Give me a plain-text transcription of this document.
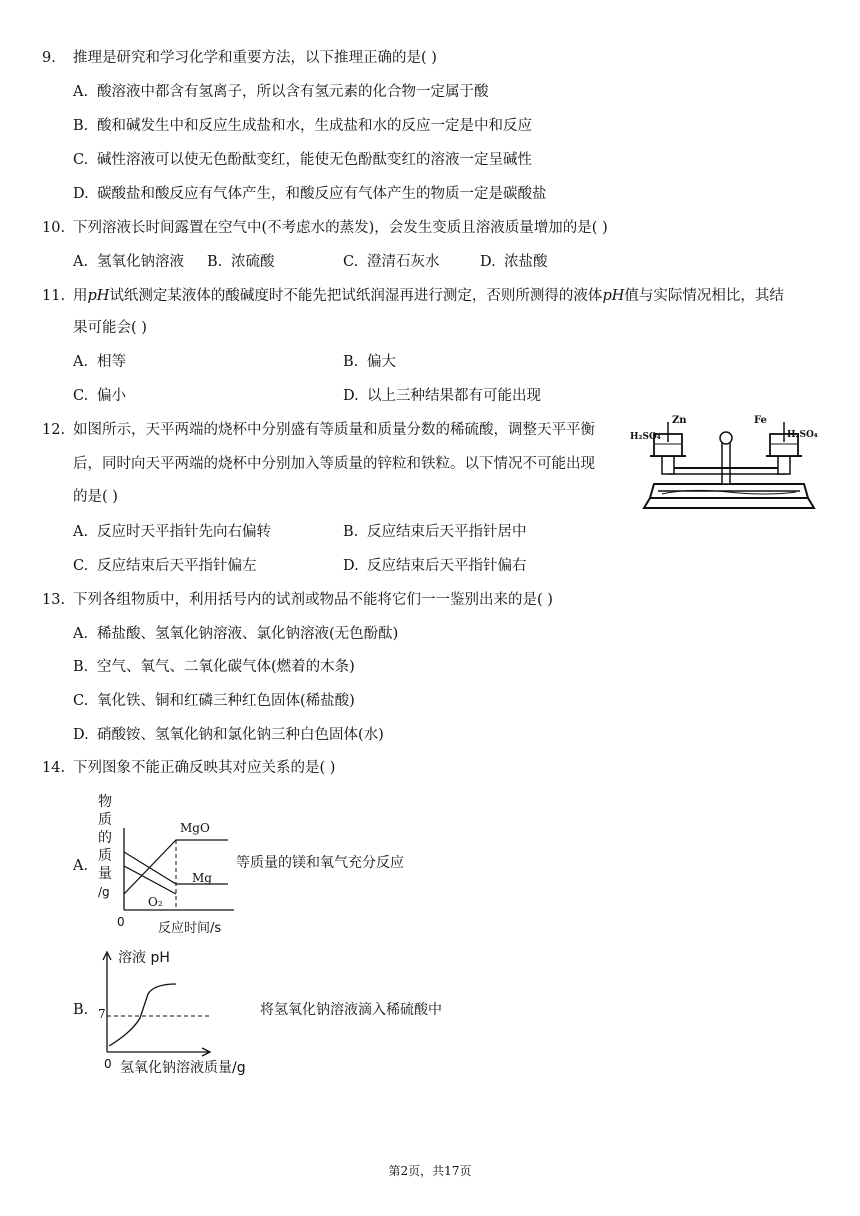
9. 推理是研究和学习化学和重要方法，以下推理正确的是( )
A. 酸溶液中都含有氢离子，所以含有氢元素的化合物一定属于酸
B. 酸和碱发生中和反应生成盐和水，生成盐和水的反应一定是中和反应
C. 碱性溶液可以使无色酚酞变红，能使无色酚酞变红的溶液一定呈碱性
D. 碳酸盐和酸反应有气体产生，和酸反应有气体产生的物质一定是碳酸盐
10. 下列溶液长时间露置在空气中(不考虑水的蒸发)，会发生变质且溶液质量增加的是( )
A. 氢氧化钠溶液 B. 浓硫酸	C. 澄清石灰水	D. 浓盐酸
11. 用pH试纸测定某液体的酸碱度时不能先把试纸润湿再进行测定，否则所测得的液体pH值与实际情况相比，其结
果可能会( )
A. 相等	B. 偏大
C. 偏小	D. 以上三种结果都有可能出现
12. 如图所示，天平两端的烧杯中分别盛有等质量和质量分数的稀硫酸，调整天平平衡
后，同时向天平两端的烧杯中分别加入等质量的锌粒和铁粒。以下情况不可能出现
的是( )
H₂SO₄
Zn	Fe
H₂SO₄
A. 反应时天平指针先向右偏转	B. 反应结束后天平指针居中
C. 反应结束后天平指针偏左	D. 反应结束后天平指针偏右
13. 下列各组物质中，利用括号内的试剂或物品不能将它们一一鉴别出来的是( )
A. 稀盐酸、氢氧化钠溶液、氯化钠溶液(无色酚酞)
B. 空气、氧气、二氧化碳气体(燃着的木条)
C. 氧化铁、铜和红磷三种红色固体(稀盐酸)
D. 硝酸铵、氢氧化钠和氯化钠三种白色固体(水)
14. 下列图象不能正确反映其对应关系的是( )
A.
物
质
的
质
量
/g
0	反应时间/s
MgO
Mg
O₂
等质量的镁和氧气充分反应
B.
溶液 pH
7
0 氢氧化钠溶液质量/g
将氢氧化钠溶液滴入稀硫酸中
第2页，共17页
